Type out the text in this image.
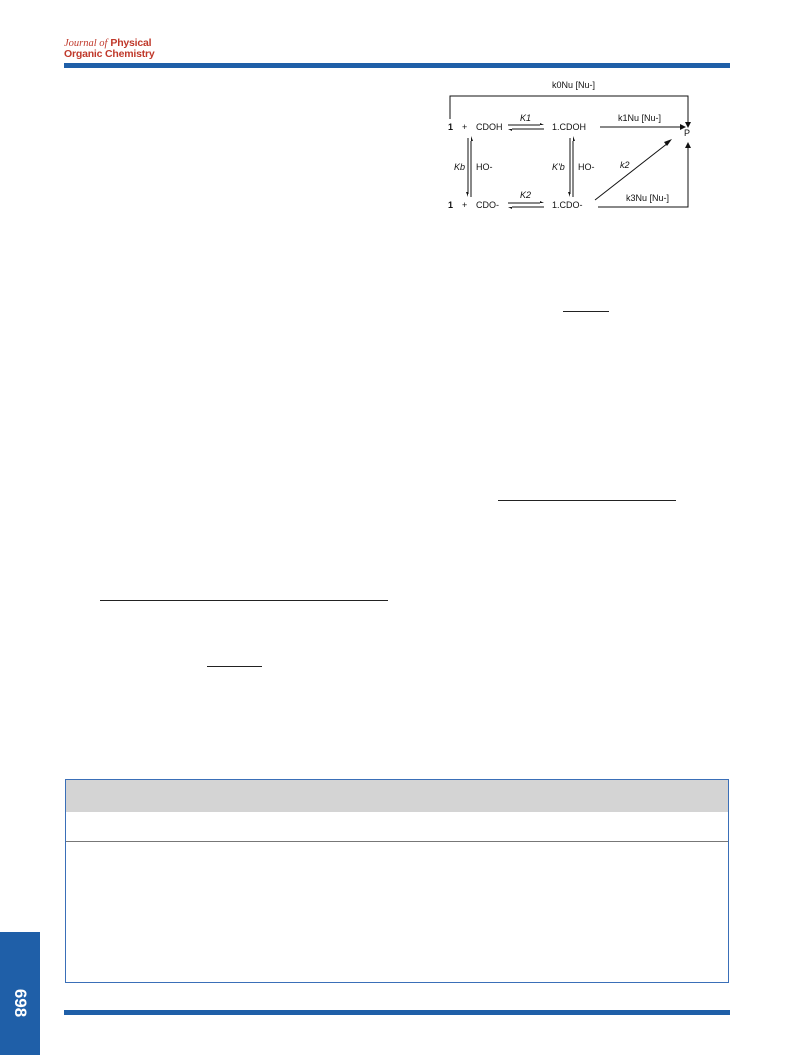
Journal of Physical
Organic Chemistry
k0Nu [Nu-]
1 + CDOH
K1
1.CDOH
k1Nu [Nu-]
P
Kb HO-	K'b HO-	k2
1 + CDO-
K2
1.CDO-
k3Nu [Nu-]
698
